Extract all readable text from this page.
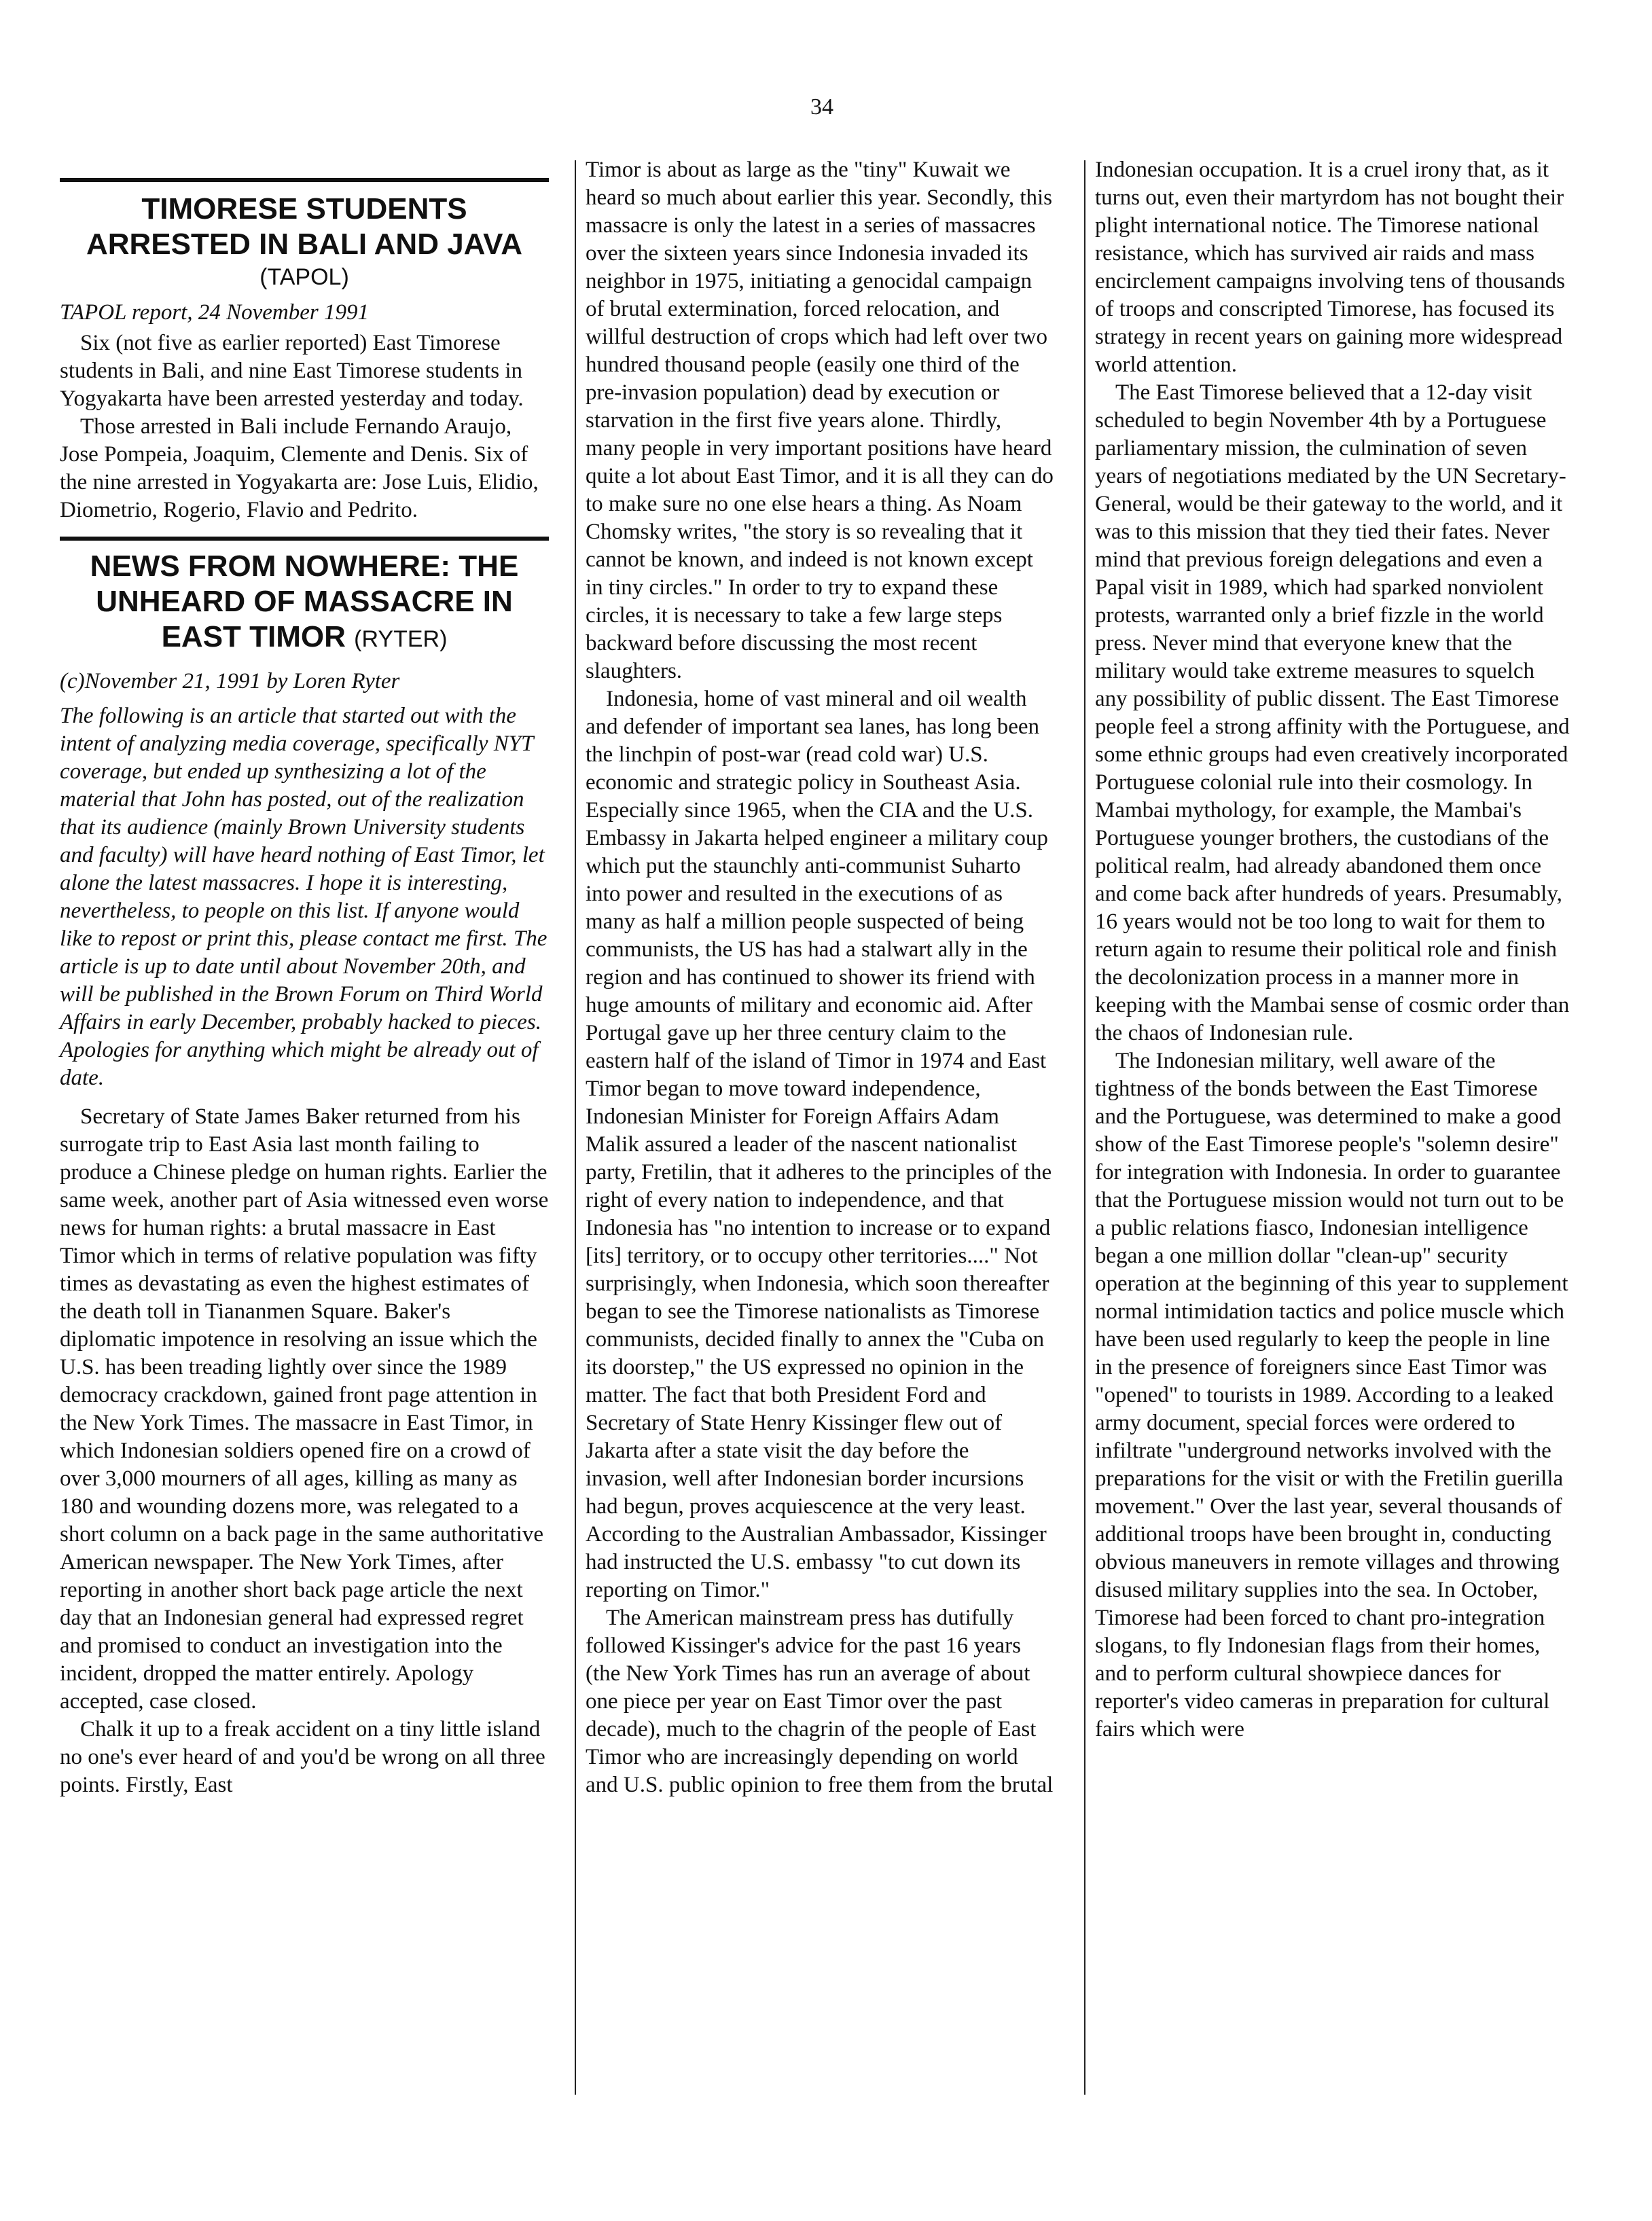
34
TIMORESE STUDENTS
ARRESTED IN BALI AND JAVA
(TAPOL)
TAPOL report, 24 November 1991

Six (not five as earlier reported) East Timorese students in Bali, and nine East Timorese students in Yogyakarta have been arrested yesterday and today.

Those arrested in Bali include Fernando Araujo, Jose Pompeia, Joaquim, Clemente and Denis. Six of the nine arrested in Yogyakarta are: Jose Luis, Elidio, Diometrio, Rogerio, Flavio and Pedrito.

NEWS FROM NOWHERE: THE
UNHEARD OF MASSACRE IN
EAST TIMOR (RYTER)
(c)November 21, 1991 by Loren Ryter
The following is an article that started out with the intent of analyzing media coverage, specifically NYT coverage, but ended up synthesizing a lot of the material that John has posted, out of the realization that its audience (mainly Brown University students and faculty) will have heard nothing of East Timor, let alone the latest massacres. I hope it is interesting, nevertheless, to people on this list. If anyone would like to repost or print this, please contact me first. The article is up to date until about November 20th, and will be published in the Brown Forum on Third World Affairs in early December, probably hacked to pieces. Apologies for anything which might be already out of date.

Secretary of State James Baker returned from his surrogate trip to East Asia last month failing to produce a Chinese pledge on human rights. Earlier the same week, another part of Asia witnessed even worse news for human rights: a brutal massacre in East Timor which in terms of relative population was fifty times as devastating as even the highest estimates of the death toll in Tiananmen Square. Baker's diplomatic impotence in resolving an issue which the U.S. has been treading lightly over since the 1989 democracy crackdown, gained front page attention in the New York Times. The massacre in East Timor, in which Indonesian soldiers opened fire on a crowd of over 3,000 mourners of all ages, killing as many as 180 and wounding dozens more, was relegated to a short column on a back page in the same authoritative American newspaper. The New York Times, after reporting in another short back page article the next day that an Indonesian general had expressed regret and promised to conduct an investigation into the incident, dropped the matter entirely. Apology accepted, case closed.

Chalk it up to a freak accident on a tiny little island no one's ever heard of and you'd be wrong on all three points. Firstly, East

Timor is about as large as the "tiny" Kuwait we heard so much about earlier this year. Secondly, this massacre is only the latest in a series of massacres over the sixteen years since Indonesia invaded its neighbor in 1975, initiating a genocidal campaign of brutal extermination, forced relocation, and willful destruction of crops which had left over two hundred thousand people (easily one third of the pre-invasion population) dead by execution or starvation in the first five years alone. Thirdly, many people in very important positions have heard quite a lot about East Timor, and it is all they can do to make sure no one else hears a thing. As Noam Chomsky writes, "the story is so revealing that it cannot be known, and indeed is not known except in tiny circles." In order to try to expand these circles, it is necessary to take a few large steps backward before discussing the most recent slaughters.

Indonesia, home of vast mineral and oil wealth and defender of important sea lanes, has long been the linchpin of post-war (read cold war) U.S. economic and strategic policy in Southeast Asia. Especially since 1965, when the CIA and the U.S. Embassy in Jakarta helped engineer a military coup which put the staunchly anti-communist Suharto into power and resulted in the executions of as many as half a million people suspected of being communists, the US has had a stalwart ally in the region and has continued to shower its friend with huge amounts of military and economic aid. After Portugal gave up her three century claim to the eastern half of the island of Timor in 1974 and East Timor began to move toward independence, Indonesian Minister for Foreign Affairs Adam Malik assured a leader of the nascent nationalist party, Fretilin, that it adheres to the principles of the right of every nation to independence, and that Indonesia has "no intention to increase or to expand [its] territory, or to occupy other territories...." Not surprisingly, when Indonesia, which soon thereafter began to see the Timorese nationalists as Timorese communists, decided finally to annex the "Cuba on its doorstep," the US expressed no opinion in the matter. The fact that both President Ford and Secretary of State Henry Kissinger flew out of Jakarta after a state visit the day before the invasion, well after Indonesian border incursions had begun, proves acquiescence at the very least. According to the Australian Ambassador, Kissinger had instructed the U.S. embassy "to cut down its reporting on Timor."

The American mainstream press has dutifully followed Kissinger's advice for the past 16 years (the New York Times has run an average of about one piece per year on East Timor over the past decade), much to the chagrin of the people of East Timor who are increasingly depending on world and U.S. public opinion to free them from the brutal

Indonesian occupation. It is a cruel irony that, as it turns out, even their martyrdom has not bought their plight international notice. The Timorese national resistance, which has survived air raids and mass encirclement campaigns involving tens of thousands of troops and conscripted Timorese, has focused its strategy in recent years on gaining more widespread world attention.

The East Timorese believed that a 12-day visit scheduled to begin November 4th by a Portuguese parliamentary mission, the culmination of seven years of negotiations mediated by the UN Secretary-General, would be their gateway to the world, and it was to this mission that they tied their fates. Never mind that previous foreign delegations and even a Papal visit in 1989, which had sparked nonviolent protests, warranted only a brief fizzle in the world press. Never mind that everyone knew that the military would take extreme measures to squelch any possibility of public dissent. The East Timorese people feel a strong affinity with the Portuguese, and some ethnic groups had even creatively incorporated Portuguese colonial rule into their cosmology. In Mambai mythology, for example, the Mambai's Portuguese younger brothers, the custodians of the political realm, had already abandoned them once and come back after hundreds of years. Presumably, 16 years would not be too long to wait for them to return again to resume their political role and finish the decolonization process in a manner more in keeping with the Mambai sense of cosmic order than the chaos of Indonesian rule.

The Indonesian military, well aware of the tightness of the bonds between the East Timorese and the Portuguese, was determined to make a good show of the East Timorese people's "solemn desire" for integration with Indonesia. In order to guarantee that the Portuguese mission would not turn out to be a public relations fiasco, Indonesian intelligence began a one million dollar "clean-up" security operation at the beginning of this year to supplement normal intimidation tactics and police muscle which have been used regularly to keep the people in line in the presence of foreigners since East Timor was "opened" to tourists in 1989. According to a leaked army document, special forces were ordered to infiltrate "underground networks involved with the preparations for the visit or with the Fretilin guerilla movement." Over the last year, several thousands of additional troops have been brought in, conducting obvious maneuvers in remote villages and throwing disused military supplies into the sea. In October, Timorese had been forced to chant pro-integration slogans, to fly Indonesian flags from their homes, and to perform cultural showpiece dances for reporter's video cameras in preparation for cultural fairs which were
